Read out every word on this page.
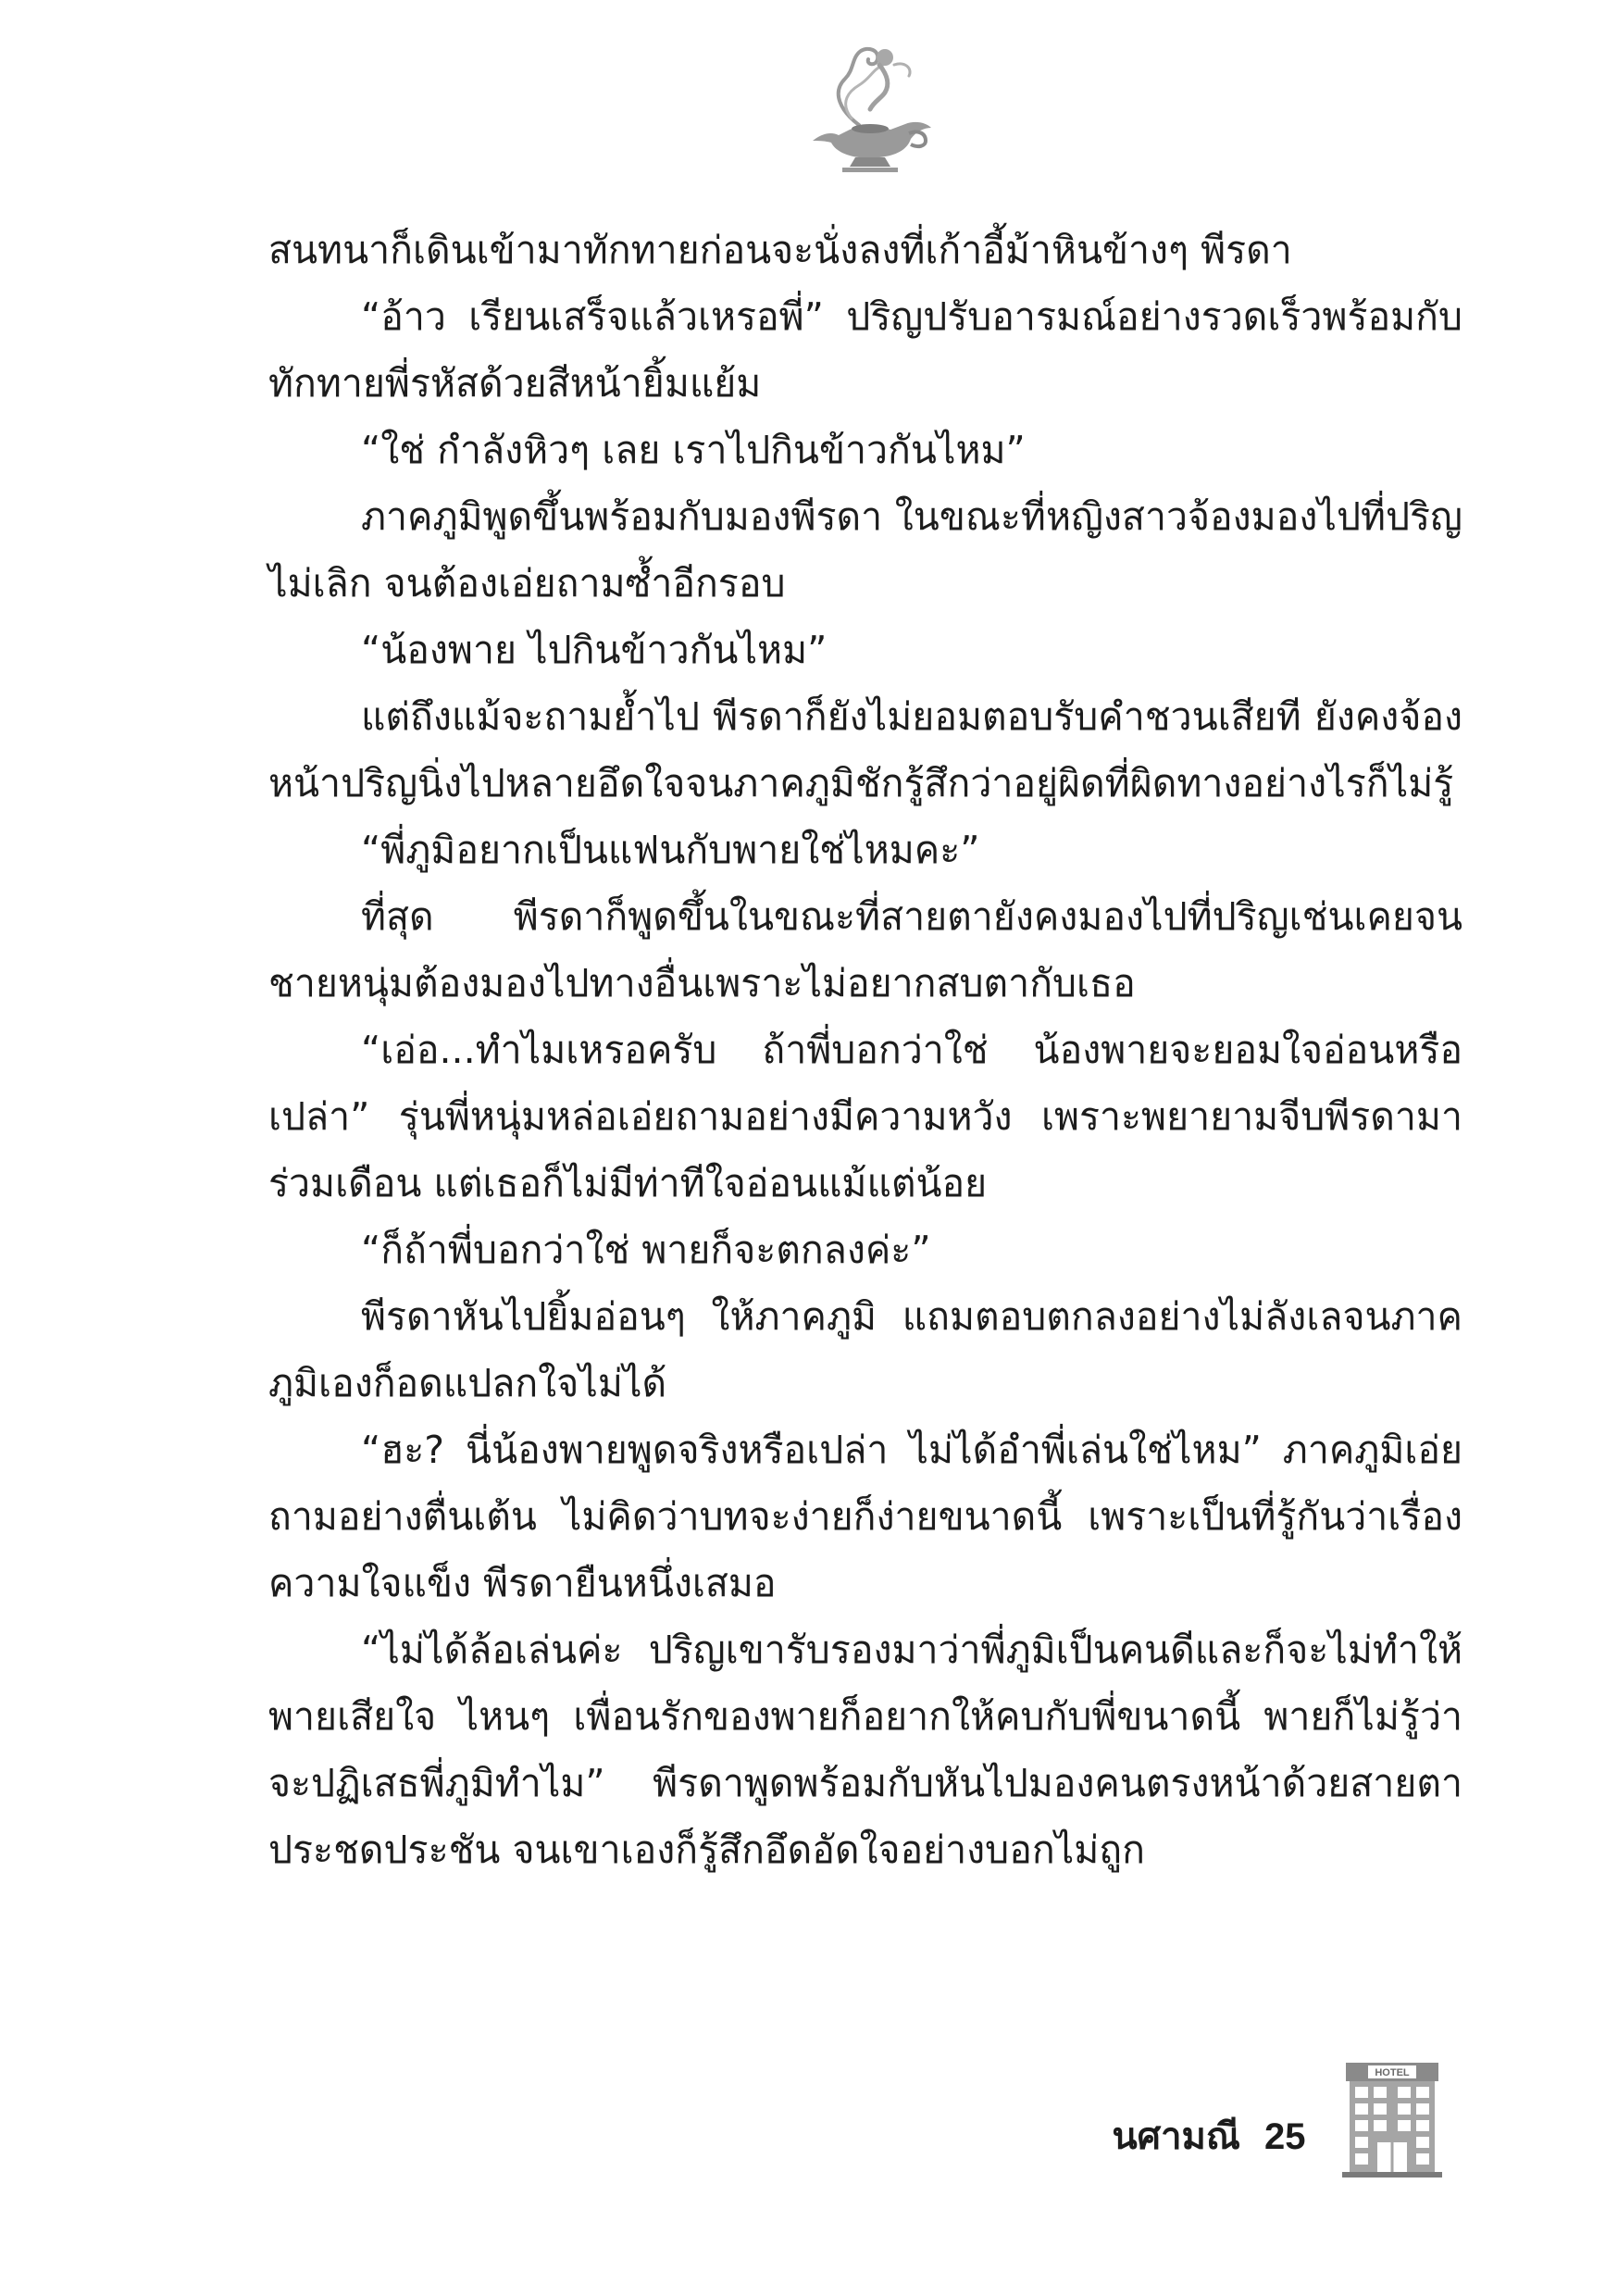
สนทนาก็เดินเข้ามาทักทายก่อนจะนั่งลงที่เก้าอี้ม้าหินข้างๆ พีรดา

“อ้าว เรียนเสร็จแล้วเหรอพี่” ปริญปรับอารมณ์อย่างรวดเร็วพร้อมกับทักทายพี่รหัสด้วยสีหน้ายิ้มแย้ม

“ใช่ กำลังหิวๆ เลย เราไปกินข้าวกันไหม”

ภาคภูมิพูดขึ้นพร้อมกับมองพีรดา ในขณะที่หญิงสาวจ้องมองไปที่ปริญไม่เลิก จนต้องเอ่ยถามซ้ำอีกรอบ

“น้องพาย ไปกินข้าวกันไหม”

แต่ถึงแม้จะถามย้ำไป พีรดาก็ยังไม่ยอมตอบรับคำชวนเสียที ยังคงจ้องหน้าปริญนิ่งไปหลายอึดใจจนภาคภูมิชักรู้สึกว่าอยู่ผิดที่ผิดทางอย่างไรก็ไม่รู้

“พี่ภูมิอยากเป็นแฟนกับพายใช่ไหมคะ”

ที่สุด พีรดาก็พูดขึ้นในขณะที่สายตายังคงมองไปที่ปริญเช่นเคยจนชายหนุ่มต้องมองไปทางอื่นเพราะไม่อยากสบตากับเธอ

“เอ่อ...ทำไมเหรอครับ ถ้าพี่บอกว่าใช่ น้องพายจะยอมใจอ่อนหรือเปล่า” รุ่นพี่หนุ่มหล่อเอ่ยถามอย่างมีความหวัง เพราะพยายามจีบพีรดามาร่วมเดือน แต่เธอก็ไม่มีท่าทีใจอ่อนแม้แต่น้อย

“ก็ถ้าพี่บอกว่าใช่ พายก็จะตกลงค่ะ”

พีรดาหันไปยิ้มอ่อนๆ ให้ภาคภูมิ แถมตอบตกลงอย่างไม่ลังเลจนภาคภูมิเองก็อดแปลกใจไม่ได้

“ฮะ? นี่น้องพายพูดจริงหรือเปล่า ไม่ได้อำพี่เล่นใช่ไหม” ภาคภูมิเอ่ยถามอย่างตื่นเต้น ไม่คิดว่าบทจะง่ายก็ง่ายขนาดนี้ เพราะเป็นที่รู้กันว่าเรื่องความใจแข็ง พีรดายืนหนึ่งเสมอ

“ไม่ได้ล้อเล่นค่ะ ปริญเขารับรองมาว่าพี่ภูมิเป็นคนดีและก็จะไม่ทำให้พายเสียใจ ไหนๆ เพื่อนรักของพายก็อยากให้คบกับพี่ขนาดนี้ พายก็ไม่รู้ว่าจะปฏิเสธพี่ภูมิทำไม” พีรดาพูดพร้อมกับหันไปมองคนตรงหน้าด้วยสายตาประชดประชัน จนเขาเองก็รู้สึกอึดอัดใจอย่างบอกไม่ถูก

นศามณี 25
HOTEL
